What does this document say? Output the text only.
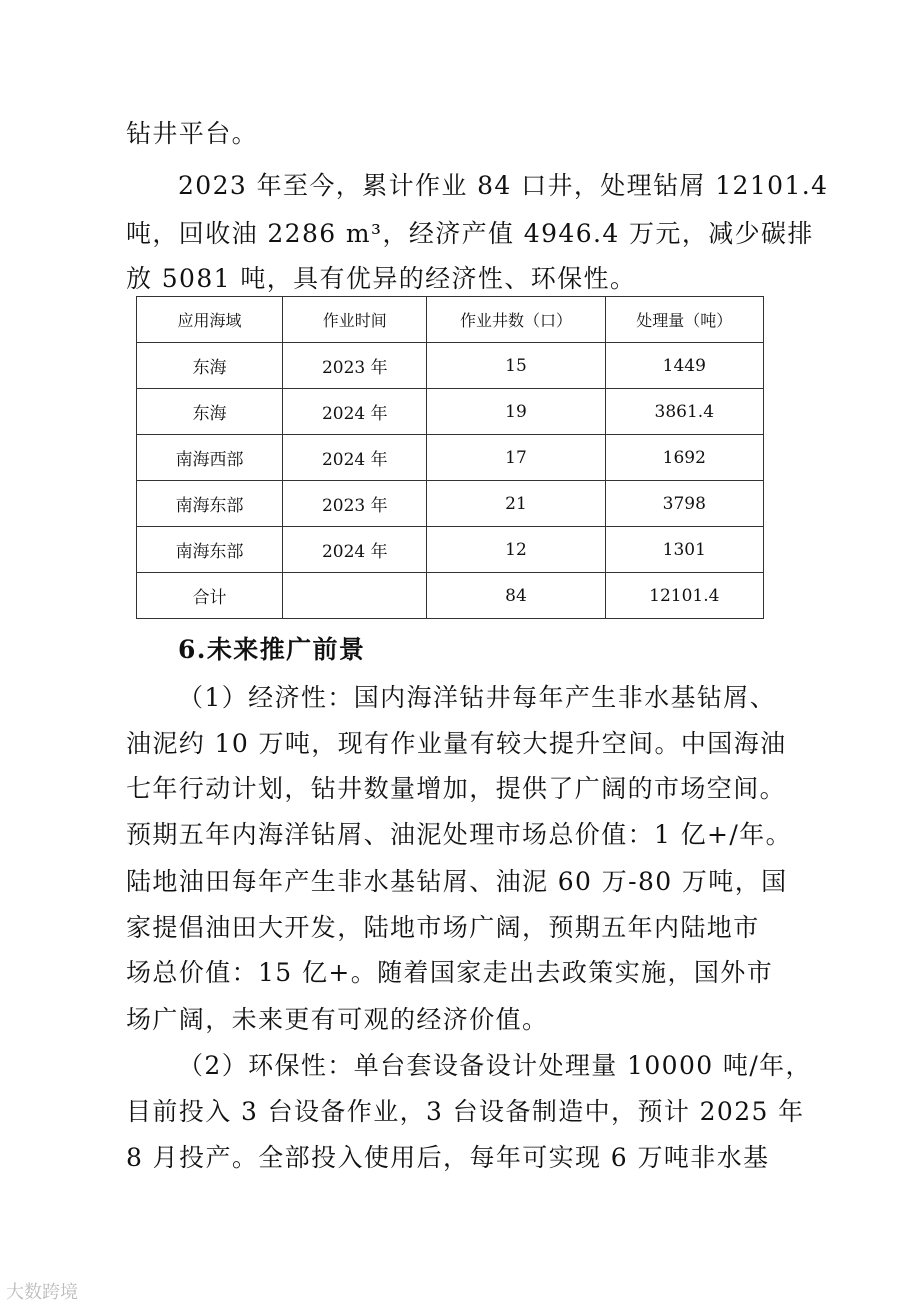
钻井平台。
2023 年至今，累计作业 84 口井，处理钻屑 12101.4
吨，回收油 2286 m³，经济产值 4946.4 万元，减少碳排
放 5081 吨，具有优异的经济性、环保性。
应用海域	作业时间	作业井数（口）	处理量（吨）
东海	2023 年	15	1449
东海	2024 年	19	3861.4
南海西部	2024 年	17	1692
南海东部	2023 年	21	3798
南海东部	2024 年	12	1301
合计		84	12101.4
6.未来推广前景
（1）经济性：国内海洋钻井每年产生非水基钻屑、
油泥约 10 万吨，现有作业量有较大提升空间。中国海油
七年行动计划，钻井数量增加，提供了广阔的市场空间。
预期五年内海洋钻屑、油泥处理市场总价值：1 亿+/年。
陆地油田每年产生非水基钻屑、油泥 60 万-80 万吨，国
家提倡油田大开发，陆地市场广阔，预期五年内陆地市
场总价值：15 亿+。随着国家走出去政策实施，国外市
场广阔，未来更有可观的经济价值。
（2）环保性：单台套设备设计处理量 10000 吨/年，
目前投入 3 台设备作业，3 台设备制造中，预计 2025 年
8 月投产。全部投入使用后，每年可实现 6 万吨非水基
大数跨境
